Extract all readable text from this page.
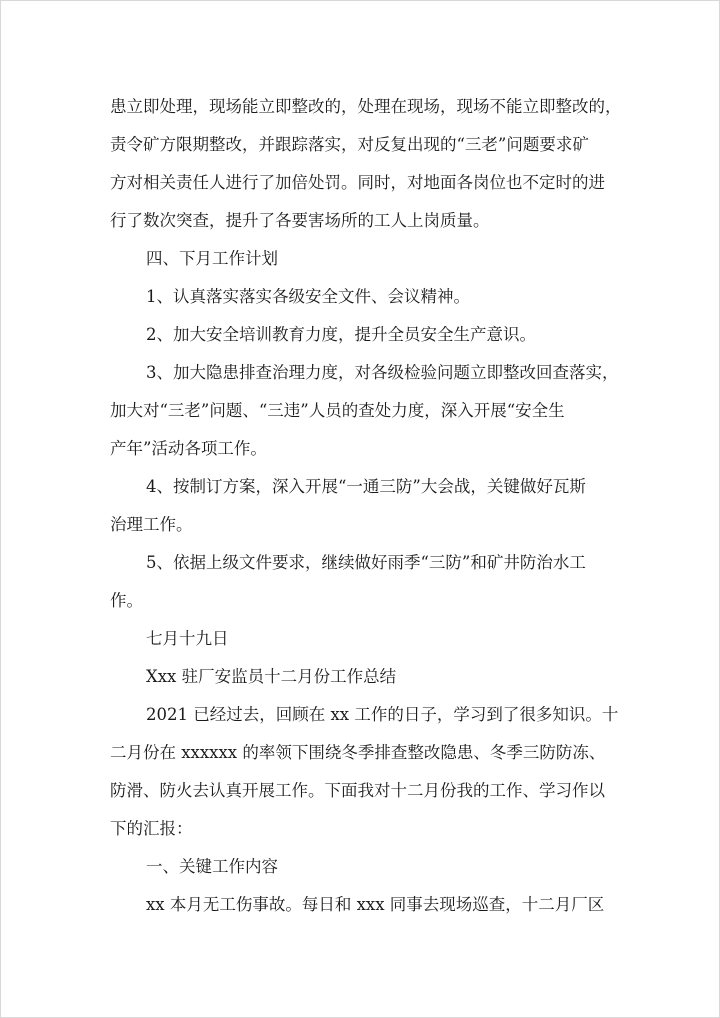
患立即处理，现场能立即整改的，处理在现场，现场不能立即整改的，
责令矿方限期整改，并跟踪落实，对反复出现的“三老”问题要求矿
方对相关责任人进行了加倍处罚。同时，对地面各岗位也不定时的进
行了数次突查，提升了各要害场所的工人上岗质量。
四、下月工作计划
1、认真落实落实各级安全文件、会议精神。
2、加大安全培训教育力度，提升全员安全生产意识。
3、加大隐患排查治理力度，对各级检验问题立即整改回查落实，
加大对“三老”问题、“三违”人员的查处力度，深入开展“安全生
产年”活动各项工作。
4、按制订方案，深入开展“一通三防”大会战，关键做好瓦斯
治理工作。
5、依据上级文件要求，继续做好雨季“三防”和矿井防治水工
作。
七月十九日
Xxx 驻厂安监员十二月份工作总结
2021 已经过去，回顾在 xx 工作的日子，学习到了很多知识。十
二月份在 xxxxxx 的率领下围绕冬季排查整改隐患、冬季三防防冻、
防滑、防火去认真开展工作。下面我对十二月份我的工作、学习作以
下的汇报：
一、关键工作内容
xx 本月无工伤事故。每日和 xxx 同事去现场巡查，十二月厂区
